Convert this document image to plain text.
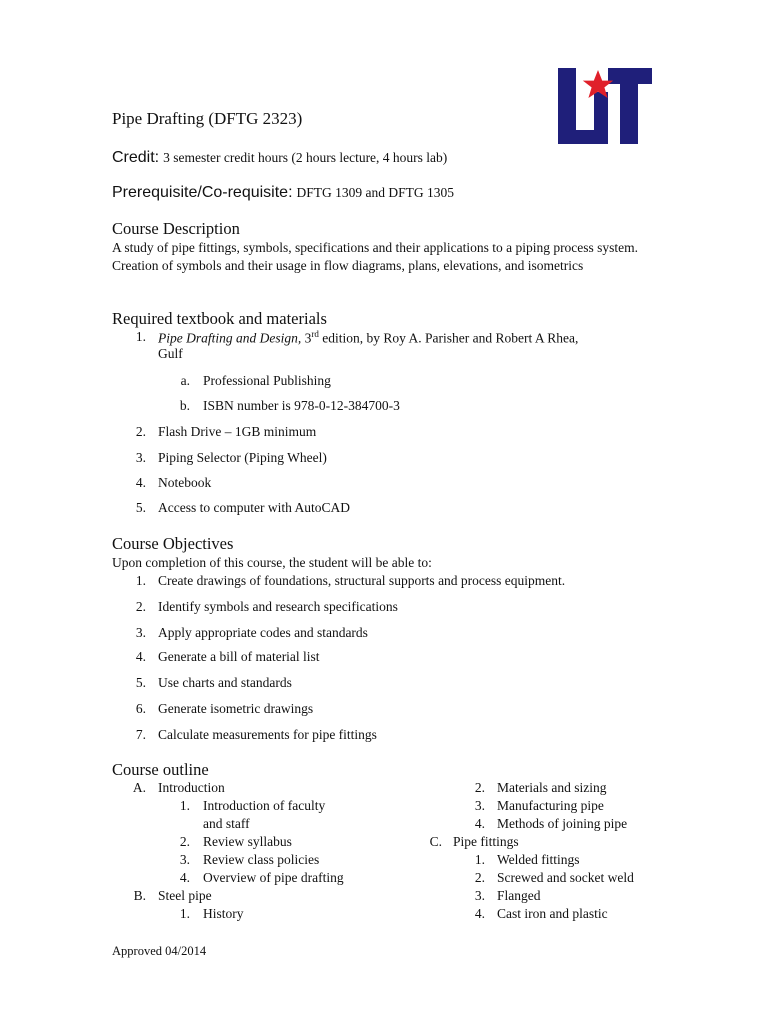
Pipe Drafting (DFTG 2323)
Credit: 3 semester credit hours (2 hours lecture, 4 hours lab)
Prerequisite/Co-requisite: DFTG 1309 and DFTG 1305
Course Description
A study of pipe fittings, symbols, specifications and their applications to a piping process system. Creation of symbols and their usage in flow diagrams, plans, elevations, and isometrics
Required textbook and materials
1. Pipe Drafting and Design, 3rd edition, by Roy A. Parisher and Robert A Rhea,
Gulf
a. Professional Publishing
b. ISBN number is 978-0-12-384700-3
2. Flash Drive – 1GB minimum
3. Piping Selector (Piping Wheel)
4. Notebook
5. Access to computer with AutoCAD
Course Objectives
Upon completion of this course, the student will be able to:
1. Create drawings of foundations, structural supports and process equipment.
2. Identify symbols and research specifications
3. Apply appropriate codes and standards
4. Generate a bill of material list
5. Use charts and standards
6. Generate isometric drawings
7. Calculate measurements for pipe fittings
Course outline
A. Introduction
1. Introduction of faculty
and staff
2. Review syllabus
3. Review class policies
4. Overview of pipe drafting
B. Steel pipe
1. History
2. Materials and sizing
3. Manufacturing pipe
4. Methods of joining pipe
C. Pipe fittings
1. Welded fittings
2. Screwed and socket weld
3. Flanged
4. Cast iron and plastic
Approved 04/2014
